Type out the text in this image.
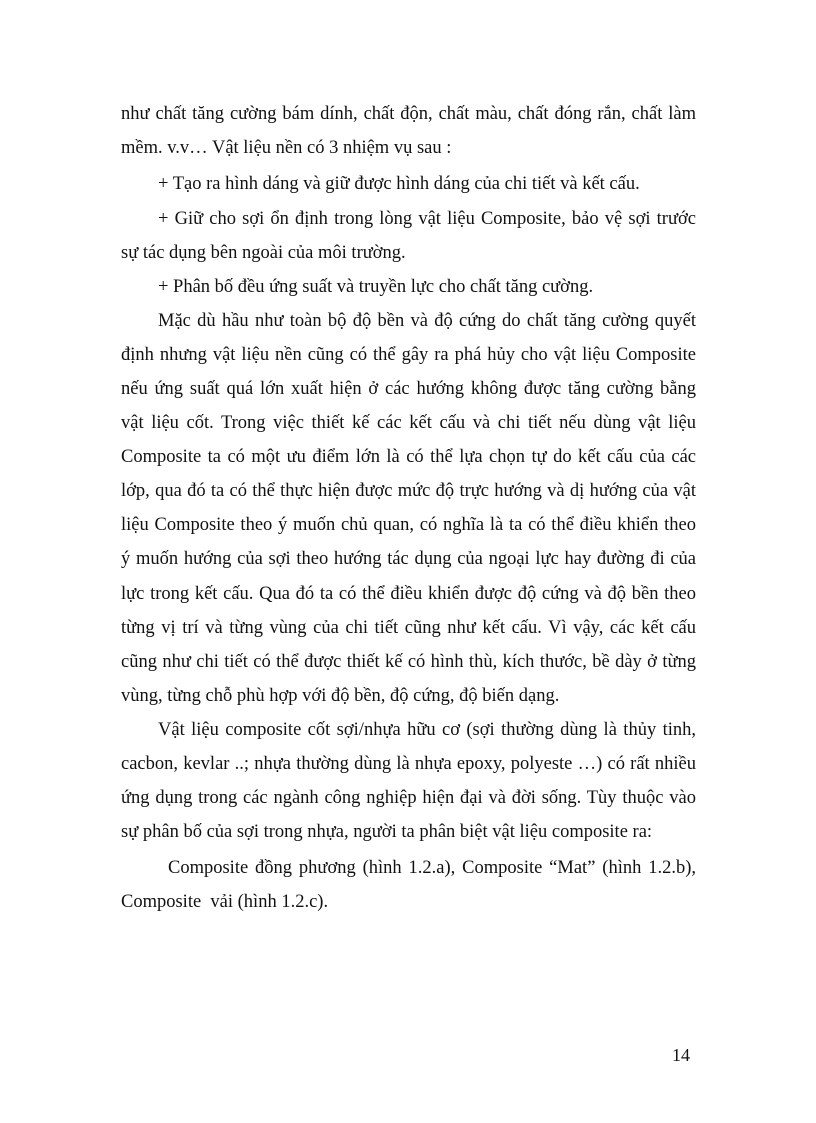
như chất tăng cường bám dính, chất độn, chất màu, chất đóng rắn, chất làm
mềm. v.v… Vật liệu nền có 3 nhiệm vụ sau :
+ Tạo ra hình dáng và giữ được hình dáng của chi tiết và kết cấu.
+ Giữ cho sợi ổn định trong lòng vật liệu Composite, bảo vệ sợi trước
sự tác dụng bên ngoài của môi trường.
+ Phân bố đều ứng suất và truyền lực cho chất tăng cường.
Mặc dù hầu như toàn bộ độ bền và độ cứng do chất tăng cường quyết
định nhưng vật liệu nền cũng có thể gây ra phá hủy cho vật liệu Composite
nếu ứng suất quá lớn xuất hiện ở các hướng không được tăng cường bằng
vật liệu cốt. Trong việc thiết kế các kết cấu và chi tiết nếu dùng vật liệu
Composite ta có một ưu điểm lớn là có thể lựa chọn tự do kết cấu của các
lớp, qua đó ta có thể thực hiện được mức độ trực hướng và dị hướng của vật
liệu Composite theo ý muốn chủ quan, có nghĩa là ta có thể điều khiển theo
ý muốn hướng của sợi theo hướng tác dụng của ngoại lực hay đường đi của
lực trong kết cấu. Qua đó ta có thể điều khiển được độ cứng và độ bền theo
từng vị trí và từng vùng của chi tiết cũng như kết cấu. Vì vậy, các kết cấu
cũng như chi tiết có thể được thiết kế có hình thù, kích thước, bề dày ở từng
vùng, từng chỗ phù hợp với độ bền, độ cứng, độ biến dạng.
Vật liệu composite cốt sợi/nhựa hữu cơ (sợi thường dùng là thủy tinh,
cacbon, kevlar ..; nhựa thường dùng là nhựa epoxy, polyeste …) có rất nhiều
ứng dụng trong các ngành công nghiệp hiện đại và đời sống. Tùy thuộc vào
sự phân bố của sợi trong nhựa, người ta phân biệt vật liệu composite ra:
Composite đồng phương (hình 1.2.a), Composite “Mat” (hình 1.2.b),
Composite  vải (hình 1.2.c).
14
